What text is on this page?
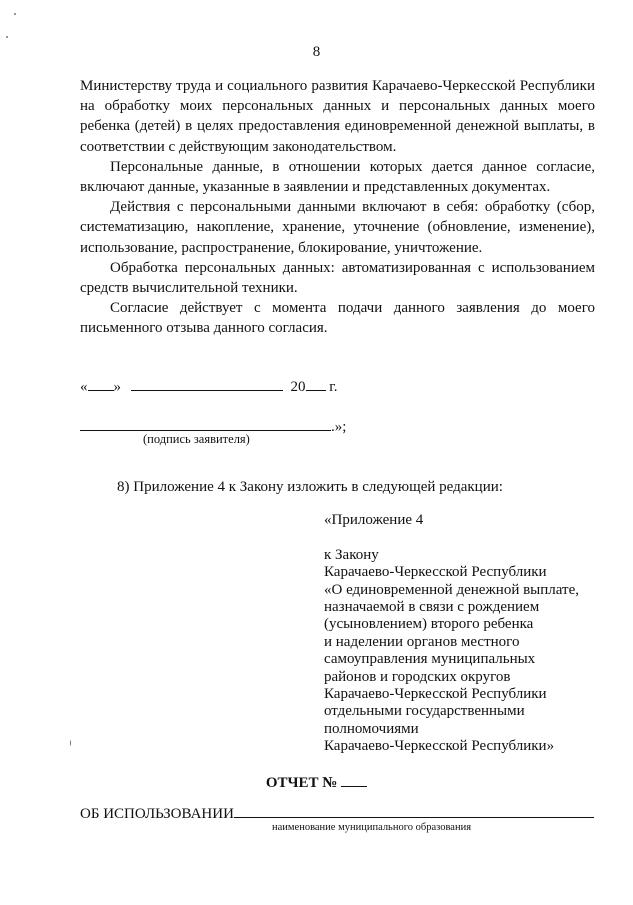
8

Министерству труда и социального развития Карачаево-Черкесской Республики на обработку моих персональных данных и персональных данных моего ребенка (детей) в целях предоставления единовременной денежной выплаты, в соответствии с действующим законодательством.

Персональные данные, в отношении которых дается данное согласие, включают данные, указанные в заявлении и представленных документах.

Действия с персональными данными включают в себя: обработку (сбор, систематизацию, накопление, хранение, уточнение (обновление, изменение), использование, распространение, блокирование, уничтожение.

Обработка персональных данных: автоматизированная с использованием средств вычислительной техники.

Согласие действует с момента подачи данного заявления до моего письменного отзыва данного согласия.

« »	20 г.
.»;
(подпись заявителя)
8) Приложение 4 к Закону изложить в следующей редакции:
«Приложение 4
к Закону
Карачаево-Черкесской Республики
«О единовременной денежной выплате,
назначаемой в связи с рождением
(усыновлением) второго ребенка
и наделении органов местного
самоуправления муниципальных
районов и городских округов
Карачаево-Черкесской Республики
отдельными государственными
полномочиями
Карачаево-Черкесской Республики»
ОТЧЕТ №
ОБ ИСПОЛЬЗОВАНИИ
наименование муниципального образования
